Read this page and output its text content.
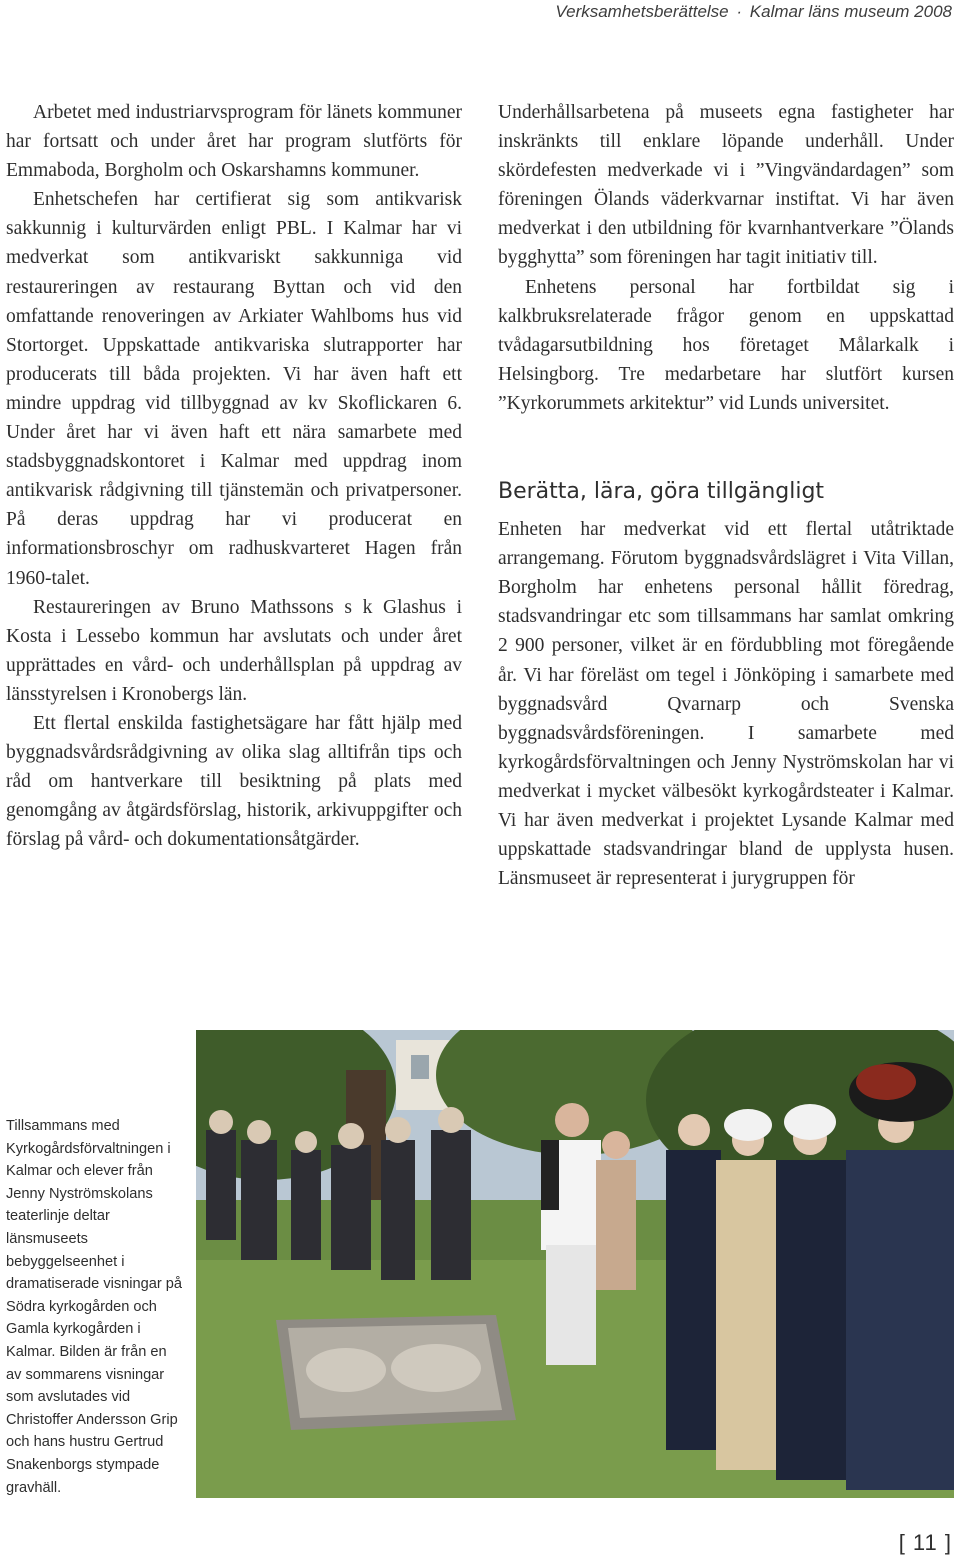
Verksamhetsberättelse · Kalmar läns museum 2008

Arbetet med industriarvsprogram för länets kommuner har fortsatt och under året har program slutförts för Emmaboda, Borgholm och Oskarshamns kommuner.

Enhetschefen har certifierat sig som antikvarisk sakkunnig i kulturvärden enligt PBL. I Kalmar har vi medverkat som antikvariskt sakkunniga vid restaureringen av restaurang Byttan och vid den omfattande renoveringen av Arkiater Wahlboms hus vid Stortorget. Uppskattade antikvariska slutrapporter har producerats till båda projekten. Vi har även haft ett mindre uppdrag vid tillbyggnad av kv Skoflickaren 6. Under året har vi även haft ett nära samarbete med stadsbyggnadskontoret i Kalmar med uppdrag inom antikvarisk rådgivning till tjänstemän och privatpersoner. På deras uppdrag har vi producerat en informationsbroschyr om radhuskvarteret Hagen från 1960-talet.

Restaureringen av Bruno Mathssons s k Glashus i Kosta i Lessebo kommun har avslutats och under året upprättades en vård- och underhållsplan på uppdrag av länsstyrelsen i Kronobergs län.

Ett flertal enskilda fastighetsägare har fått hjälp med byggnadsvårdsrådgivning av olika slag alltifrån tips och råd om hantverkare till besiktning på plats med genomgång av åtgärdsförslag, historik, arkivuppgifter och förslag på vård- och dokumentationsåtgärder.

Underhållsarbetena på museets egna fastigheter har inskränkts till enklare löpande underhåll. Under skördefesten medverkade vi i ”Vingvändardagen” som föreningen Ölands väderkvarnar instiftat. Vi har även medverkat i den utbildning för kvarnhantverkare ”Ölands bygghytta” som föreningen har tagit initiativ till.

Enhetens personal har fortbildat sig i kalkbruksrelaterade frågor genom en uppskattad tvådagarsutbildning hos företaget Målarkalk i Helsingborg. Tre medarbetare har slutfört kursen ”Kyrkorummets arkitektur” vid Lunds universitet.

Berätta, lära, göra tillgängligt

Enheten har medverkat vid ett flertal utåtriktade arrangemang. Förutom byggnadsvårdslägret i Vita Villan, Borgholm har enhetens personal hållit föredrag, stadsvandringar etc som tillsammans har samlat omkring 2 900 personer, vilket är en fördubbling mot föregående år. Vi har föreläst om tegel i Jönköping i samarbete med byggnadsvård Qvarnarp och Svenska byggnadsvårdsföreningen. I samarbete med kyrkogårdsförvaltningen och Jenny Nyströmskolan har vi medverkat i mycket välbesökt kyrkogårdsteater i Kalmar. Vi har även medverkat i projektet Lysande Kalmar med uppskattade stadsvandringar bland de upplysta husen. Länsmuseet är representerat i jurygruppen för

Tillsammans med Kyrkogårdsförvaltningen i Kalmar och elever från Jenny Nyströmskolans teaterlinje deltar länsmuseets bebyggelseenhet i dramatiserade visningar på Södra kyrkogården och Gamla kyrkogården i Kalmar. Bilden är från en av sommarens visningar som avslutades vid Christoffer Andersson Grip och hans hustru Gertrud Snakenborgs stympade gravhäll.

[ 11 ]
